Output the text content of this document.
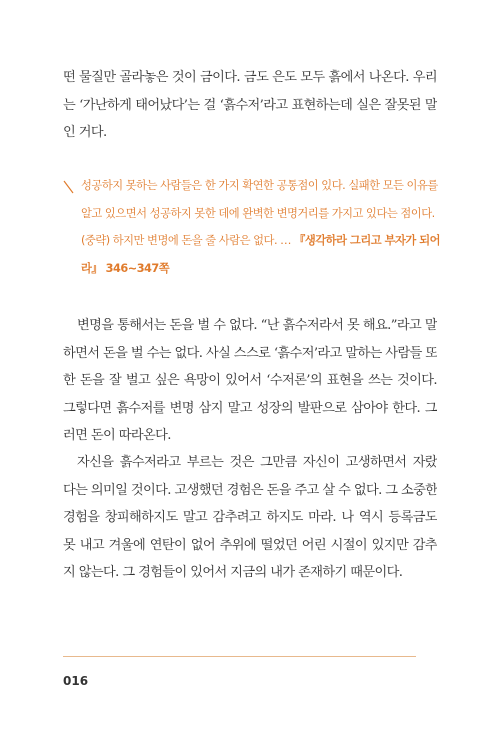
떤 물질만 골라놓은 것이 금이다. 금도 은도 모두 흙에서 나온다. 우리
는 ‘가난하게 태어났다’는 걸 ‘흙수저’라고 표현하는데 실은 잘못된 말
인 거다.
성공하지 못하는 사람들은 한 가지 확연한 공통점이 있다. 실패한 모든 이유를
알고 있으면서 성공하지 못한 데에 완벽한 변명거리를 가지고 있다는 점이다.
(중략) 하지만 변명에 돈을 줄 사람은 없다. … 『생각하라 그리고 부자가 되어
라』 346~347쪽
변명을 통해서는 돈을 벌 수 없다. “난 흙수저라서 못 해요.”라고 말
하면서 돈을 벌 수는 없다. 사실 스스로 ‘흙수저’라고 말하는 사람들 또
한 돈을 잘 벌고 싶은 욕망이 있어서 ‘수저론’의 표현을 쓰는 것이다.
그렇다면 흙수저를 변명 삼지 말고 성장의 발판으로 삼아야 한다. 그
러면 돈이 따라온다.
자신을 흙수저라고 부르는 것은 그만큼 자신이 고생하면서 자랐
다는 의미일 것이다. 고생했던 경험은 돈을 주고 살 수 없다. 그 소중한
경험을 창피해하지도 말고 감추려고 하지도 마라. 나 역시 등록금도
못 내고 겨울에 연탄이 없어 추위에 떨었던 어린 시절이 있지만 감추
지 않는다. 그 경험들이 있어서 지금의 내가 존재하기 때문이다.
016
